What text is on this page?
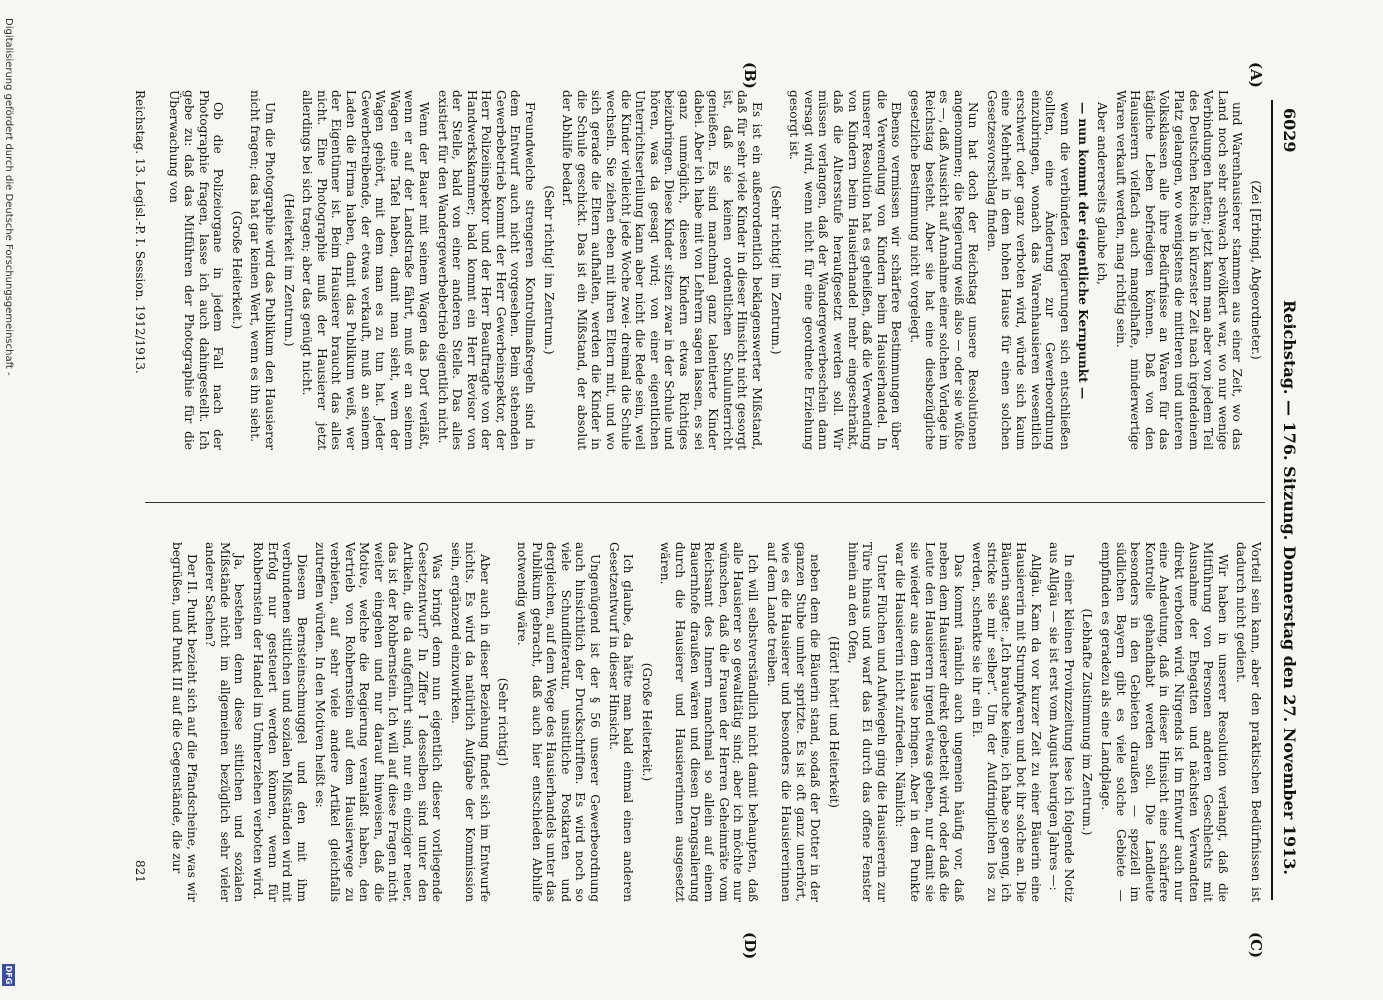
6029
Reichstag. — 176. Sitzung. Donnerstag den 27. November 1913.
(A)
(B)
(C)
(D)

(Zei [Erbingl, Abgeordneter.)

und Warenhausierer stammen aus einer Zeit, wo das Land noch sehr schwach bevölkert war, wo nur wenige Verbindungen hatten; jetzt kann man aber von jedem Teil des Deutschen Reichs in kürzester Zeit nach irgendeinem Platz gelangen, wo wenigstens die mittleren und unteren Volksklassen alle ihre Bedürfnisse an Waren für das tägliche Leben befriedigen können. Daß von den Hausierern vielfach auch mangelhafte, minderwertige Waren verkauft werden, mag richtig sein.

Aber andererseits glaube ich,

— nun kommt der eigentliche Kernpunkt —

wenn die verbündeten Regierungen sich entschließen sollten, eine Änderung zur Gewerbeordnung einzubringen, wonach das Warenhausieren wesentlich erschwert oder ganz verboten wird, würde sich kaum eine Mehrheit in dem hohen Hause für einen solchen Gesetzesvorschlag finden.

Nun hat doch der Reichstag unsere Resolutionen angenommen; die Regierung weiß also — oder sie wüßte es —, daß Aussicht auf Annahme einer solchen Vorlage im Reichstag besteht. Aber sie hat eine diesbezügliche gesetzliche Bestimmung nicht vorgelegt.

Ebenso vermissen wir schärfere Bestimmungen über die Verwendung von Kindern beim Hausierhandel. In unserer Resolution hat es geheißen, daß die Verwendung von Kindern beim Hausierhandel mehr eingeschränkt, daß die Altersstufe heraufgesetzt werden soll. Wir müssen verlangen, daß der Wandergewerbeschein dann versagt wird, wenn nicht für eine geordnete Erziehung gesorgt ist.

(Sehr richtig! im Zentrum.)

Es ist ein außerordentlich beklagenswerter Mißstand, daß für sehr viele Kinder in dieser Hinsicht nicht gesorgt ist, daß sie keinen ordentlichen Schulunterricht genießen. Es sind manchmal ganz talentierte Kinder dabei. Aber ich habe mit von Lehrern sagen lassen, es sei ganz unmöglich, diesen Kindern etwas Richtiges beizubringen. Diese Kinder sitzen zwar in der Schule und hören, was da gesagt wird; von einer eigentlichen Unterrichtserteilung kann aber nicht die Rede sein, weil die Kinder vielleicht jede Woche zwei- dreimal die Schule wechseln. Sie ziehen eben mit ihren Eltern mit, und wo sich gerade die Eltern aufhalten, werden die Kinder in die Schule geschickt. Das ist ein Mißstand, der absolut der Abhilfe bedarf.

(Sehr richtig! im Zentrum.)

Freundwelche strengeren Kontrollmaßregeln sind in dem Entwurf auch nicht vorgesehen. Beim stehenden Gewerbebetrieb kommt der Herr Gewerbeinspektor, der Herr Polizeiinspektor und der Herr Beauftragte von der Handwerkskammer; bald kommt ein Herr Revisor von der Stelle, bald von einer anderen Stelle. Das alles existiert für den Wandergewerbebetrieb eigentlich nicht.

Wenn der Bauer mit seinem Wagen das Dorf verläßt, wenn er auf der Landstraße fährt, muß er an seinem Wagen eine Tafel haben, damit man sieht, wem der Wagen gehört, mit dem man es zu tun hat. Jeder Gewerbetreibende, der etwas verkauft, muß an seinem Laden die Firma haben, damit das Publikum weiß, wer der Eigentümer ist. Beim Hausierer braucht das alles nicht. Eine Photographie muß der Hausierer jetzt allerdings bei sich tragen; aber das genügt nicht.

(Heiterkeit im Zentrum.)

Um die Photographie wird das Publikum den Hausierer nicht fragen; das hat gar keinen Wert, wenn es ihn sieht.

(Große Heiterkeit.)

Ob die Polizeiorgane in jedem Fall nach der Photographie fragen, lasse ich auch dahingestellt. Ich gebe zu: daß das Mitführen der Photographie für die Überwachung von

Vorteil sein kann, aber den praktischen Bedürfnissen ist dadurch nicht gedient.

Wir haben in unserer Resolution verlangt, daß die Mitführung von Personen anderen Geschlechts mit Ausnahme der Ehegatten und nächsten Verwandten direkt verboten wird. Nirgends ist im Entwurf auch nur eine Andeutung, daß in dieser Hinsicht eine schärfere Kontrolle gehandhabt werden soll. Die Landleute besonders in den Gebieten draußen — speziell im südlichen Bayern gibt es viele solche Gebiete — empfinden es geradezu als eine Landplage.

(Lebhafte Zustimmung im Zentrum.)

In einer kleinen Provinzzeitung lese ich folgende Notiz aus Allgäu — sie ist erst vom August heurigen Jahres —:

Allgäu. Kam da vor kurzer Zeit zu einer Bäuerin eine Hausiererin mit Strumpfwaren und bot ihr solche an. Die Bäuerin sagte: „Ich brauche keine, ich habe so genug, ich stricke sie mir selber“. Um der Aufdringlichen los zu werden, schenkte sie ihr ein Ei.

Das kommt nämlich auch ungemein häufig vor, daß neben dem Hausierer direkt gebettelt wird, oder daß die Leute den Hausierern irgend etwas geben, nur damit sie sie wieder aus dem Hause bringen. Aber in dem Punkte war die Hausiererin nicht zufrieden. Nämlich:

Unter Flüchen und Aufwiegeln ging die Hausiererin zur Türe hinaus und warf das Ei durch das offene Fenster hinein an den Ofen,

(Hört! hört! und Heiterkeit)

neben dem die Bäuerin stand, sodaß der Dotter in der ganzen Stube umher spritzte. Es ist oft ganz unerhört, wie es die Hausierer und besonders die Hausiererinnen auf dem Lande treiben.

Ich will selbstverständlich nicht damit behaupten, daß alle Hausierer so gewalttätig sind; aber ich möchte nur wünschen, daß die Frauen der Herren Geheimräte vom Reichsamt des Innern manchmal so allein auf einem Bauernhofe draußen wären und diesen Drangsalierung durch die Hausierer und Hausiererinnen ausgesetzt wären.

(Große Heiterkeit.)

Ich glaube, da hätte man bald einmal einen anderen Gesetzentwurf in dieser Hinsicht.

Ungenügend ist der § 56 unserer Gewerbeordnung auch hinsichtlich der Druckschriften. Es wird noch so viele Schundliteratur, unsittliche Postkarten und dergleichen, auf dem Wege des Hausierhandels unter das Publikum gebracht, daß auch hier entschieden Abhilfe notwendig wäre.

(Sehr richtig!)

Aber auch in dieser Beziehung findet sich im Entwurfe nichts. Es wird da natürlich Aufgabe der Kommission sein, ergänzend einzuwirken.

Was bringt denn nun eigentlich dieser vorliegende Gesetzentwurf? In Ziffer I desselben sind unter den Artikeln, die da aufgeführt sind, nur ein einziger neuer, das ist der Rohbernstein. Ich will auf diese Fragen nicht weiter eingehen und nur darauf hinweisen, daß die Motive, welche die Regierung veranlaßt haben, den Vertrieb von Rohbernstein auf dem Hausierwege zu verbieten, auf sehr viele andere Artikel gleichfalls zutreffen würden. In den Motiven heißt es:

Diesem Bernsteinschmuggel und den mit ihm verbundenen sittlichen und sozialen Mißständen wird mit Erfolg nur gesteuert werden können, wenn für Rohbernstein der Handel im Umherziehen verboten wird.

Ja, bestehen denn diese sittlichen und sozialen Mißstände nicht im allgemeinen bezüglich sehr vieler anderer Sachen?

Der II. Punkt bezieht sich auf die Pfandscheine, was wir begrüßen, und Punkt III auf die Gegenstände, die zur

Reichstag. 13. Legisl.-P. I. Session. 1912/1913.
821
Digitalisierung gefördert durch die Deutsche Forschungsgemeinschaft -
DFG
